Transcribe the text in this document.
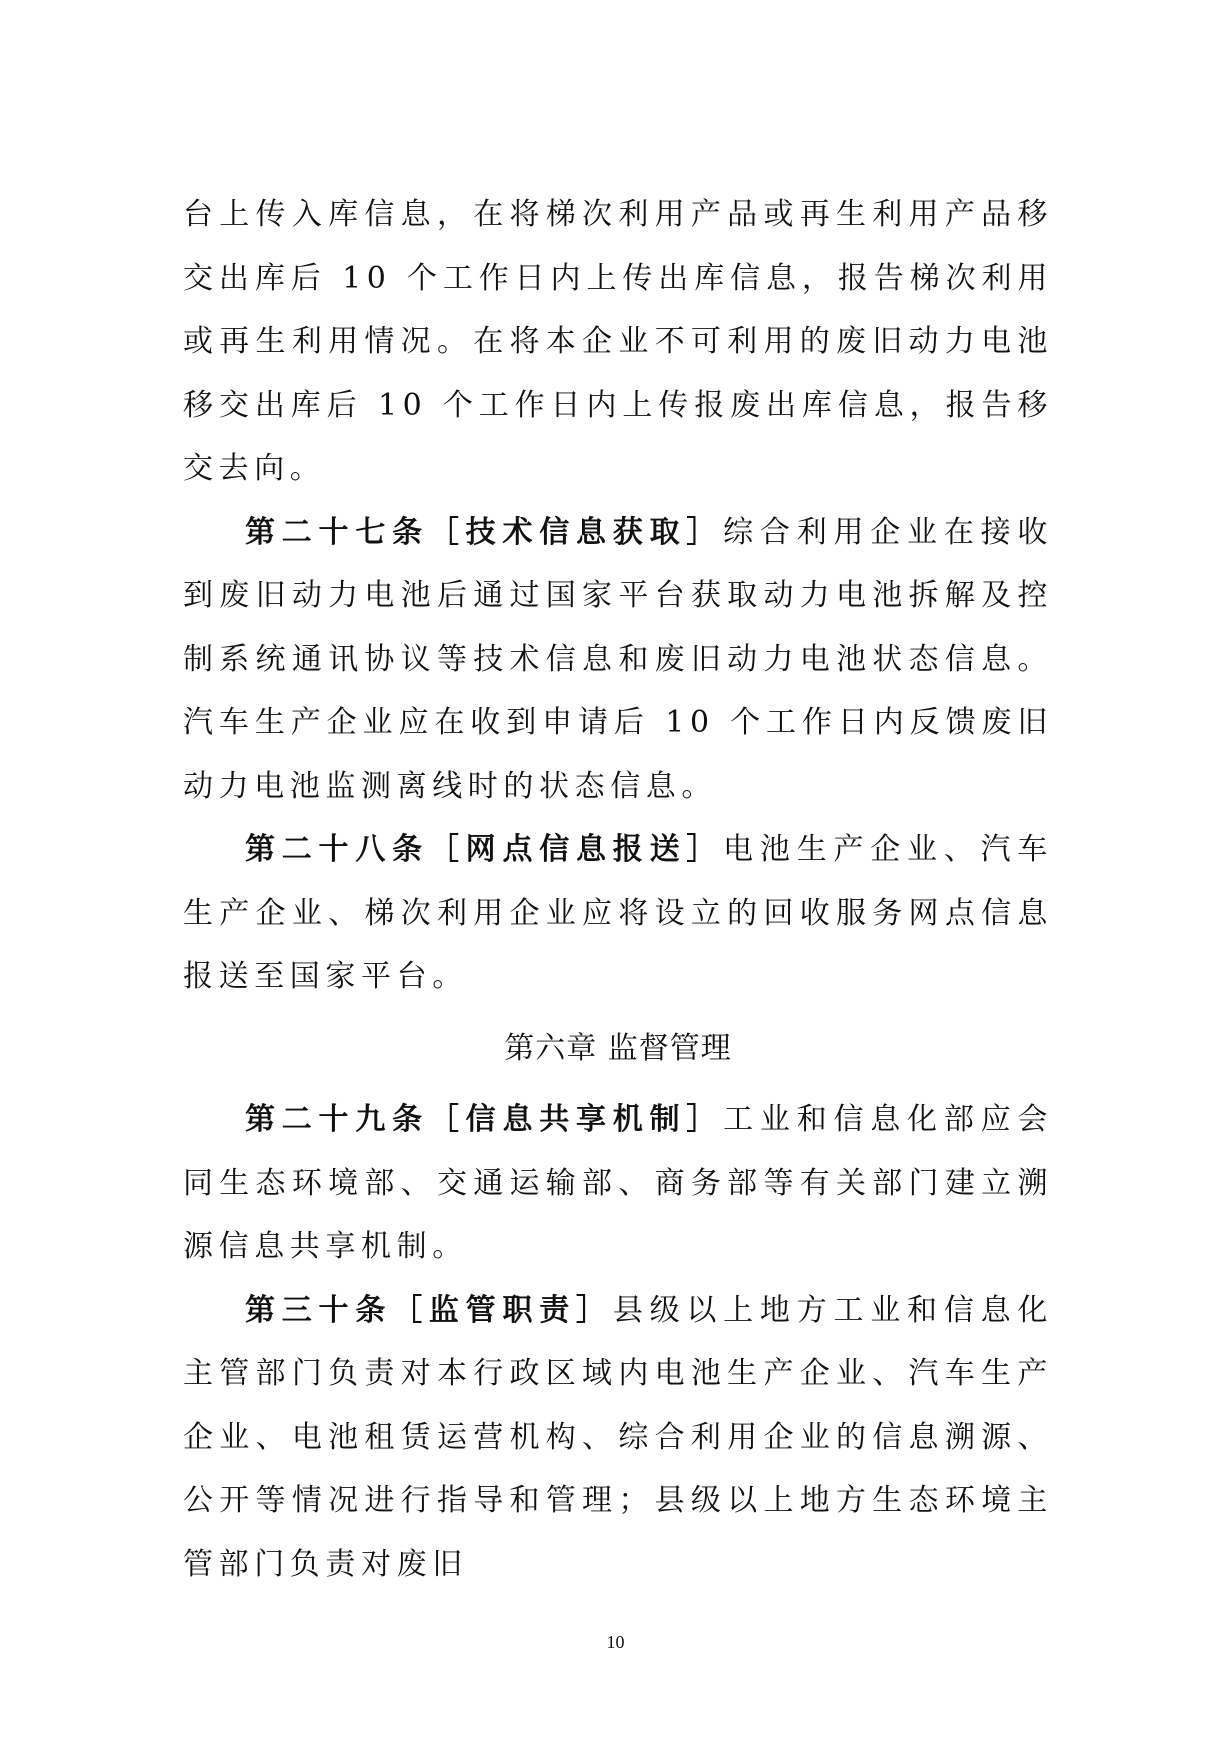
台上传入库信息，在将梯次利用产品或再生利用产品移交出库后 10 个工作日内上传出库信息，报告梯次利用或再生利用情况。在将本企业不可利用的废旧动力电池移交出库后 10 个工作日内上传报废出库信息，报告移交去向。

第二十七条［技术信息获取］综合利用企业在接收到废旧动力电池后通过国家平台获取动力电池拆解及控制系统通讯协议等技术信息和废旧动力电池状态信息。汽车生产企业应在收到申请后 10 个工作日内反馈废旧动力电池监测离线时的状态信息。

第二十八条［网点信息报送］电池生产企业、汽车生产企业、梯次利用企业应将设立的回收服务网点信息报送至国家平台。

第六章 监督管理

第二十九条［信息共享机制］工业和信息化部应会同生态环境部、交通运输部、商务部等有关部门建立溯源信息共享机制。

第三十条［监管职责］县级以上地方工业和信息化主管部门负责对本行政区域内电池生产企业、汽车生产企业、电池租赁运营机构、综合利用企业的信息溯源、公开等情况进行指导和管理；县级以上地方生态环境主管部门负责对废旧

10
